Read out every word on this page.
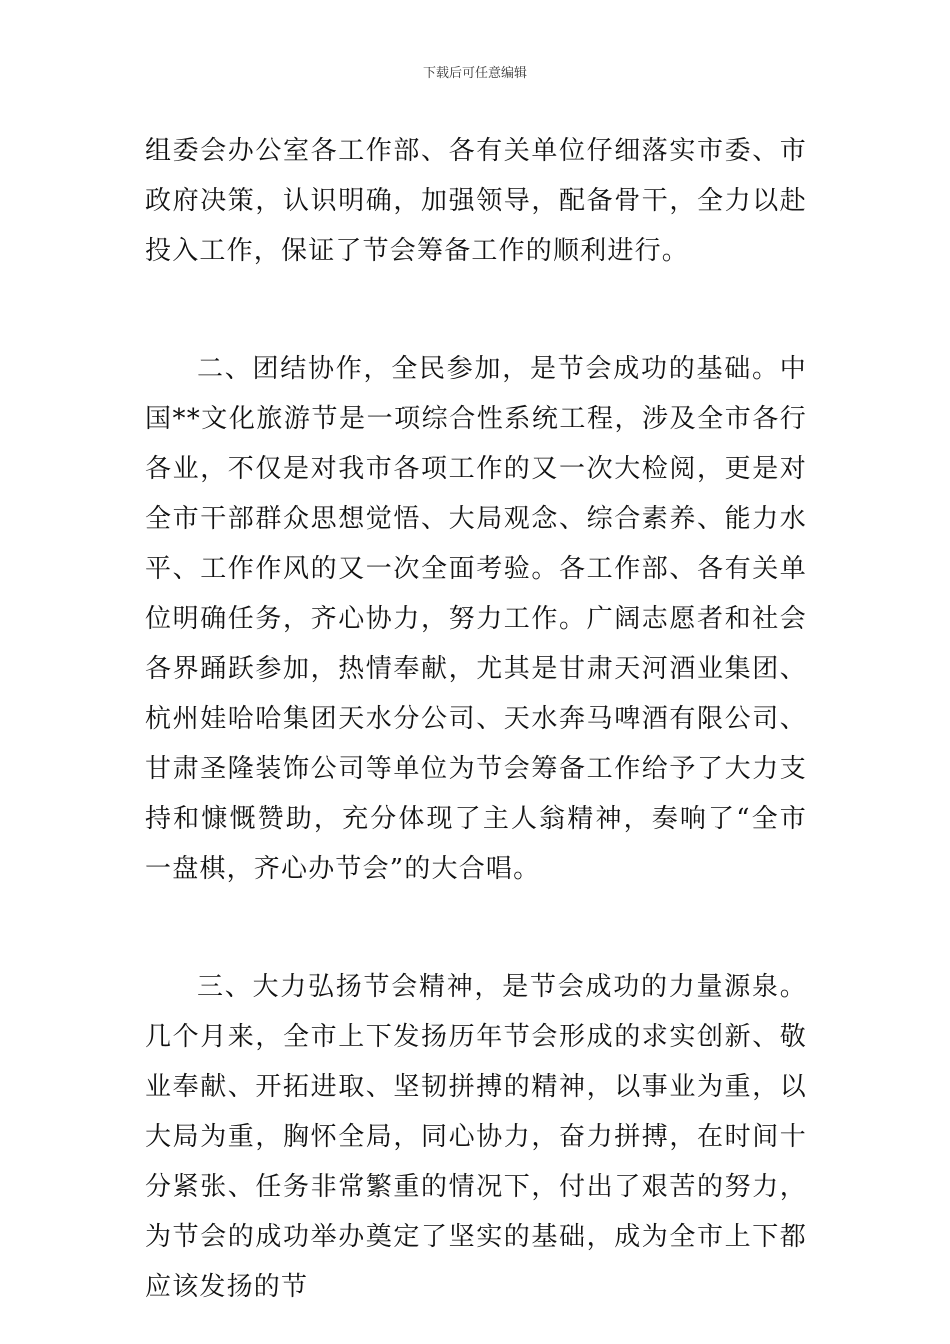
下载后可任意编辑

组委会办公室各工作部、各有关单位仔细落实市委、市政府决策，认识明确，加强领导，配备骨干，全力以赴投入工作，保证了节会筹备工作的顺利进行。

二、团结协作，全民参加，是节会成功的基础。中国**文化旅游节是一项综合性系统工程，涉及全市各行各业，不仅是对我市各项工作的又一次大检阅，更是对全市干部群众思想觉悟、大局观念、综合素养、能力水平、工作作风的又一次全面考验。各工作部、各有关单位明确任务，齐心协力，努力工作。广阔志愿者和社会各界踊跃参加，热情奉献，尤其是甘肃天河酒业集团、杭州娃哈哈集团天水分公司、天水奔马啤酒有限公司、甘肃圣隆装饰公司等单位为节会筹备工作给予了大力支持和慷慨赞助，充分体现了主人翁精神，奏响了“全市一盘棋，齐心办节会”的大合唱。

三、大力弘扬节会精神，是节会成功的力量源泉。几个月来，全市上下发扬历年节会形成的求实创新、敬业奉献、开拓进取、坚韧拼搏的精神，以事业为重，以大局为重，胸怀全局，同心协力，奋力拼搏，在时间十分紧张、任务非常繁重的情况下，付出了艰苦的努力，为节会的成功举办奠定了坚实的基础，成为全市上下都应该发扬的节
